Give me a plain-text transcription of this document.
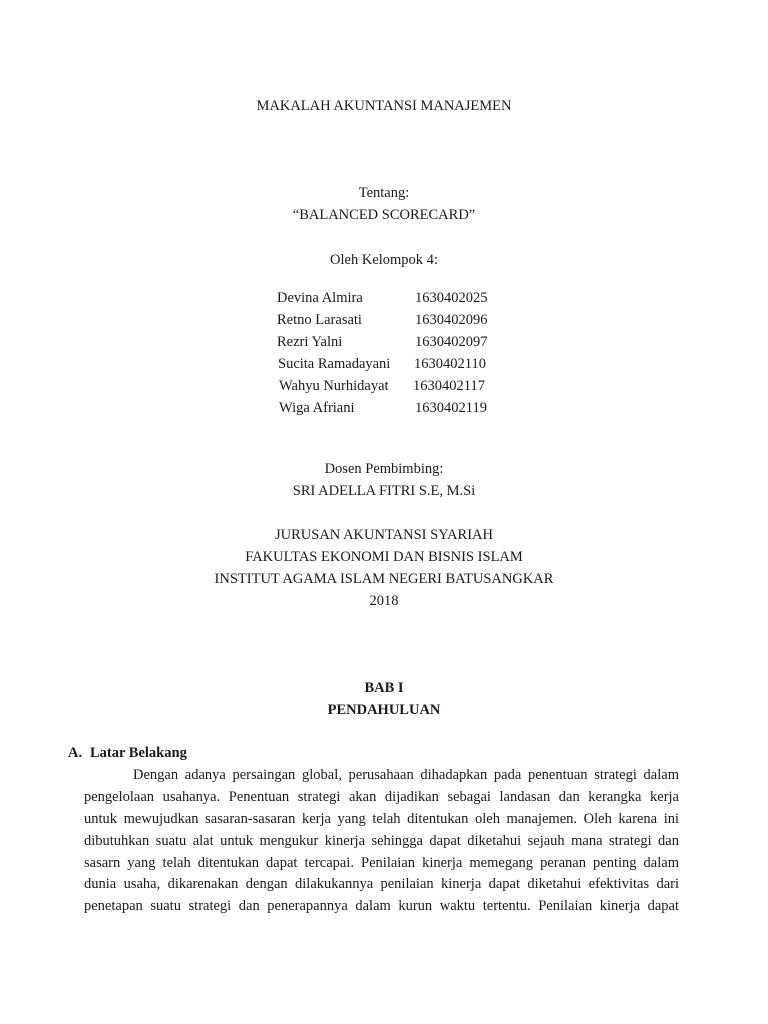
MAKALAH AKUNTANSI MANAJEMEN
Tentang:
“BALANCED SCORECARD”
Oleh Kelompok 4:
Devina Almira	1630402025
Retno Larasati	1630402096
Rezri Yalni	1630402097
Sucita Ramadayani 1630402110
Wahyu Nurhidayat 1630402117
Wiga Afriani	1630402119
Dosen Pembimbing:
SRI ADELLA FITRI S.E, M.Si
JURUSAN AKUNTANSI SYARIAH
FAKULTAS EKONOMI DAN BISNIS ISLAM
INSTITUT AGAMA ISLAM NEGERI BATUSANGKAR
2018
BAB I
PENDAHULUAN
A. Latar Belakang
Dengan adanya persaingan global, perusahaan dihadapkan pada penentuan strategi dalam
pengelolaan usahanya. Penentuan strategi akan dijadikan sebagai landasan dan kerangka kerja
untuk mewujudkan sasaran-sasaran kerja yang telah ditentukan oleh manajemen. Oleh karena ini
dibutuhkan suatu alat untuk mengukur kinerja sehingga dapat diketahui sejauh mana strategi dan
sasarn yang telah ditentukan dapat tercapai. Penilaian kinerja memegang peranan penting dalam
dunia usaha, dikarenakan dengan dilakukannya penilaian kinerja dapat diketahui efektivitas dari
penetapan suatu strategi dan penerapannya dalam kurun waktu tertentu. Penilaian kinerja dapat
